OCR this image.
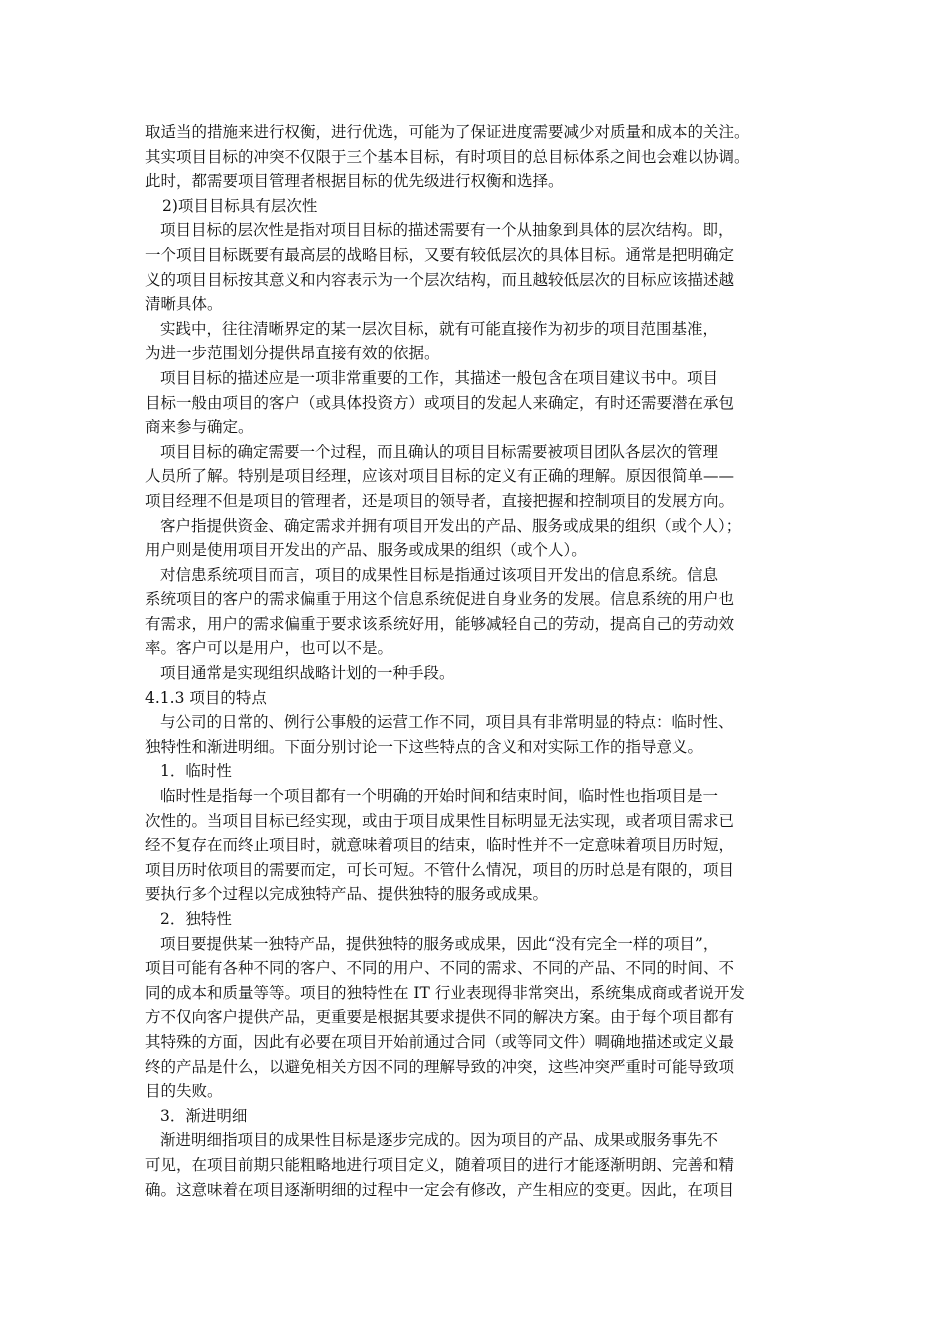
取适当的措施来进行权衡，进行优选，可能为了保证进度需要减少对质量和成本的关注。
其实项目目标的冲突不仅限于三个基本目标，有时项目的总目标体系之间也会难以协调。
此时，都需要项目管理者根据目标的优先级进行权衡和选择。
2)项目目标具有层次性
项目目标的层次性是指对项目目标的描述需要有一个从抽象到具体的层次结构。即，
一个项目目标既要有最高层的战略目标，又要有较低层次的具体目标。通常是把明确定
义的项目目标按其意义和内容表示为一个层次结构，而且越较低层次的目标应该描述越
清晰具体。
实践中，往往清晰界定的某一层次目标，就有可能直接作为初步的项目范围基准，
为进一步范围划分提供昂直接有效的依据。
项目目标的描述应是一项非常重要的工作，其描述一般包含在项目建议书中。项目
目标一般由项目的客户（或具体投资方）或项目的发起人来确定，有时还需要潜在承包
商来参与确定。
项目目标的确定需要一个过程，而且确认的项目目标需要被项目团队各层次的管理
人员所了解。特别是项目经理，应该对项目目标的定义有正确的理解。原因很简单——
项目经理不但是项目的管理者，还是项目的领导者，直接把握和控制项目的发展方向。
客户指提供资金、确定需求并拥有项目开发出的产品、服务或成果的组织（或个人）；
用户则是使用项目开发出的产品、服务或成果的组织（或个人）。
对信患系统项目而言，项目的成果性目标是指通过该项目开发出的信息系统。信息
系统项目的客户的需求偏重于用这个信息系统促进自身业务的发展。信息系统的用户也
有需求，用户的需求偏重于要求该系统好用，能够减轻自己的劳动，提高自己的劳动效
率。客户可以是用户，也可以不是。
项目通常是实现组织战略计划的一种手段。
4.1.3 项目的特点
与公司的日常的、例行公事般的运营工作不同，项目具有非常明显的特点：临时性、
独特性和渐进明细。下面分别讨论一下这些特点的含义和对实际工作的指导意义。
1．临时性
临时性是指每一个项目都有一个明确的开始时间和结束时间，临时性也指项目是一
次性的。当项目目标已经实现，或由于项目成果性目标明显无法实现，或者项目需求已
经不复存在而终止项目时，就意味着项目的结束，临时性并不一定意味着项目历时短，
项目历时依项目的需要而定，可长可短。不管什么情况，项目的历时总是有限的，项目
要执行多个过程以完成独特产品、提供独特的服务或成果。
2．独特性
项目要提供某一独特产品，提供独特的服务或成果，因此“没有完全一样的项目”，
项目可能有各种不同的客户、不同的用户、不同的需求、不同的产品、不同的时间、不
同的成本和质量等等。项目的独特性在 IT 行业表现得非常突出，系统集成商或者说开发
方不仅向客户提供产品，更重要是根据其要求提供不同的解决方案。由于每个项目都有
其特殊的方面，因此有必要在项目开始前通过合同（或等同文件）啁确地描述或定义最
终的产品是什么，以避免相关方因不同的理解导致的冲突，这些冲突严重时可能导致项
目的失败。
3．渐进明细
渐进明细指项目的成果性目标是逐步完成的。因为项目的产品、成果或服务事先不
可见，在项目前期只能粗略地进行项目定义，随着项目的进行才能逐渐明朗、完善和精
确。这意味着在项目逐渐明细的过程中一定会有修改，产生相应的变更。因此，在项目
